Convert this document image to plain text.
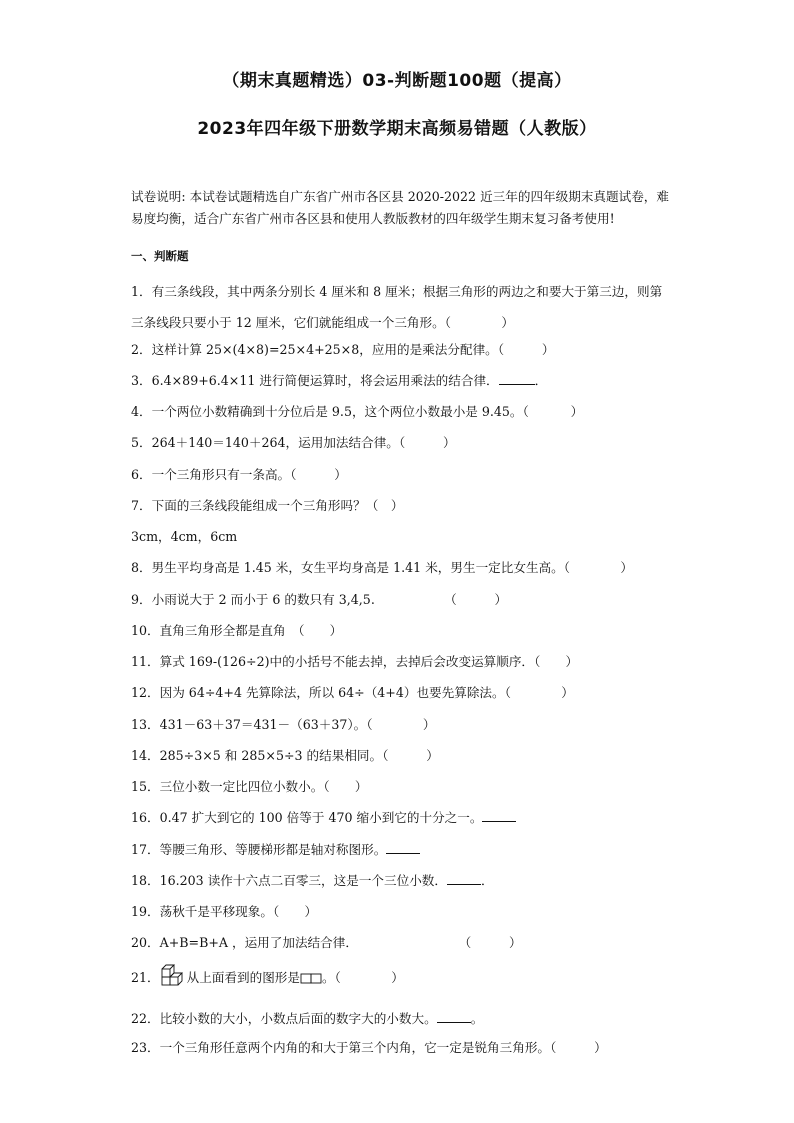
（期末真题精选）03-判断题100题（提高）
2023年四年级下册数学期末高频易错题（人教版）
试卷说明: 本试卷试题精选自广东省广州市各区县 2020-2022 近三年的四年级期末真题试卷，难易度均衡，适合广东省广州市各区县和使用人教版教材的四年级学生期末复习备考使用!
一、判断题
1．有三条线段，其中两条分别长 4 厘米和 8 厘米；根据三角形的两边之和要大于第三边，则第三条线段只要小于 12 厘米，它们就能组成一个三角形。（　　　　）
2．这样计算 25×(4×8)=25×4+25×8，应用的是乘法分配律。（　　　）
3．6.4×89+6.4×11 进行简便运算时，将会运用乘法的结合律．	．
4．一个两位小数精确到十分位后是 9.5，这个两位小数最小是 9.45。（　　　 ）
5．264＋140＝140＋264，运用加法结合律。（　　　）
6．一个三角形只有一条高。（　　　）
7．下面的三条线段能组成一个三角形吗？（　）
3cm，4cm，6cm
8．男生平均身高是 1.45 米，女生平均身高是 1.41 米，男生一定比女生高。（　　　　）
9．小雨说大于 2 而小于 6 的数只有 3,4,5.　　　　　　（　　　）
10．直角三角形全都是直角　（　　）
11．算式 169-(126÷2)中的小括号不能去掉，去掉后会改变运算顺序．（　　）
12．因为 64÷4+4 先算除法，所以 64÷（4+4）也要先算除法。（　　　　）
13．431－63＋37＝431－（63＋37）。（　　　　）
14．285÷3×5 和 285×5÷3 的结果相同。（　　　）
15．三位小数一定比四位小数小。（　　）
16．0.47 扩大到它的 100 倍等于 470 缩小到它的十分之一。
17．等腰三角形、等腰梯形都是轴对称图形。
18．16.203 读作十六点二百零三，这是一个三位小数．	．
19．荡秋千是平移现象。（　　）
20．A+B=B+A ，运用了加法结合律．　　　　　　　　　（　　　）
21． 从上面看到的图形是 。（　　　　）
22．比较小数的大小，小数点后面的数字大的小数大。	。
23．一个三角形任意两个内角的和大于第三个内角，它一定是锐角三角形。（　　　）
